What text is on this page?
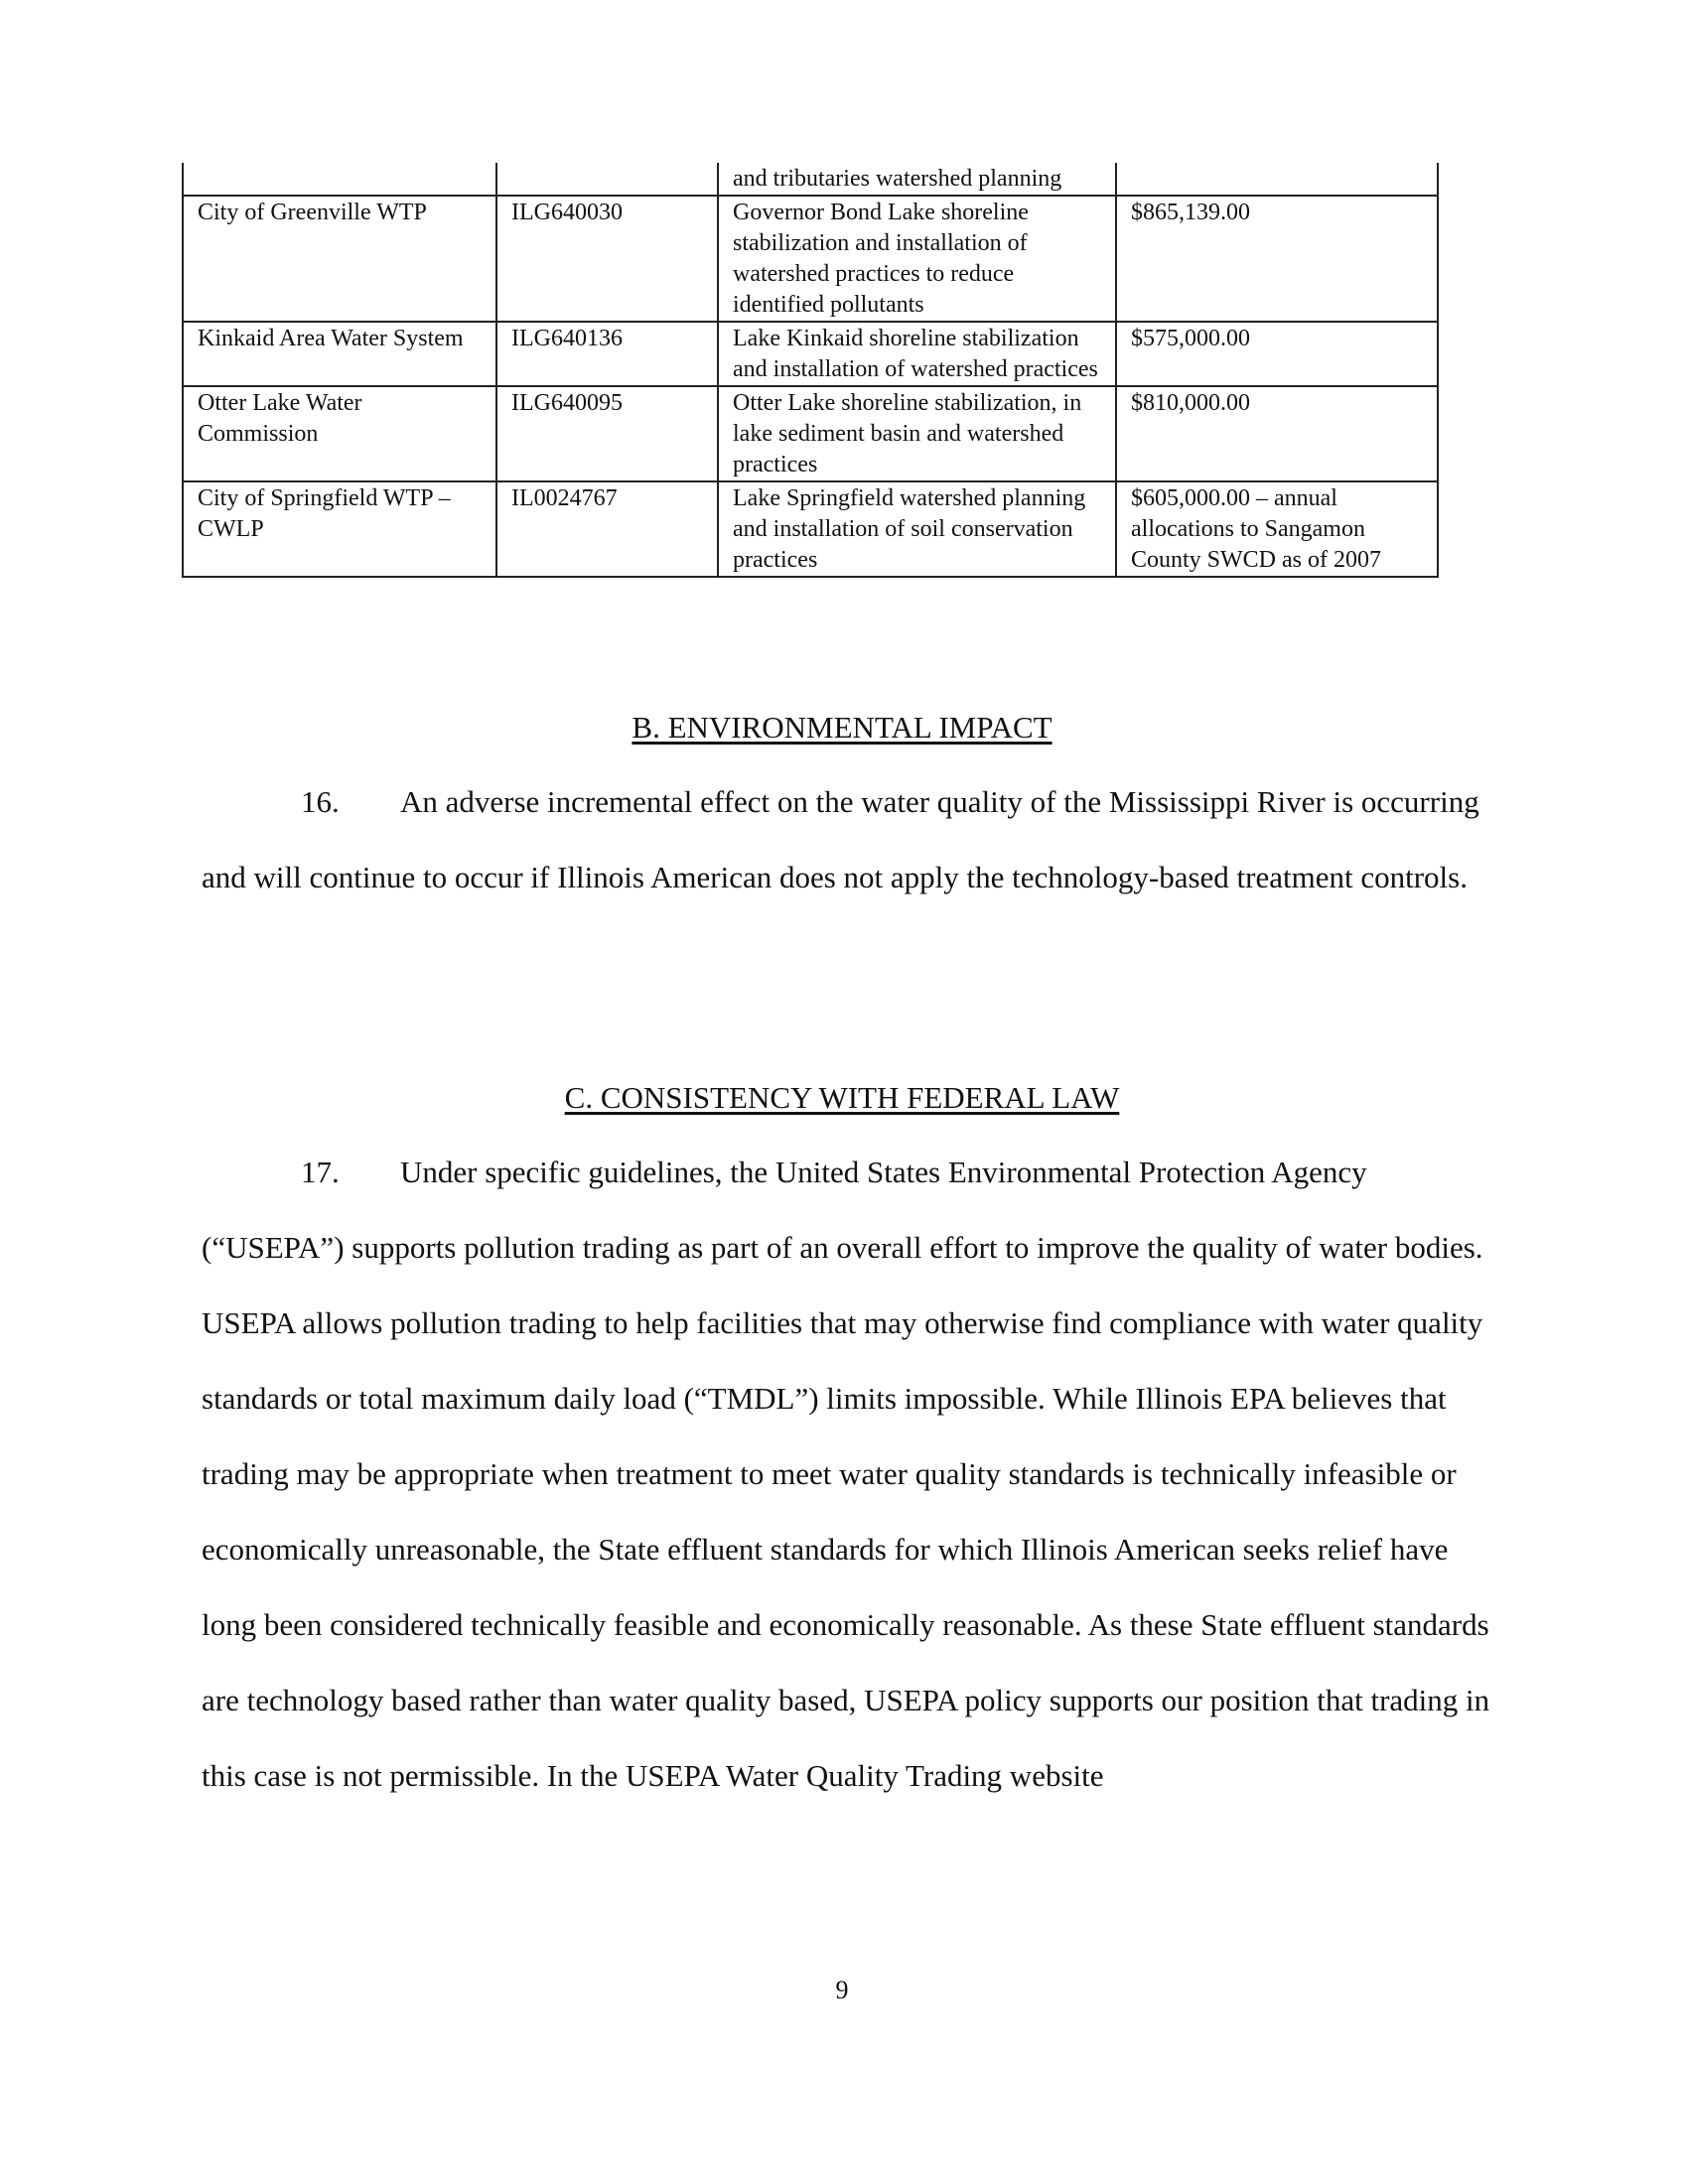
		and tributaries watershed planning	
City of Greenville WTP	ILG640030	Governor Bond Lake shoreline stabilization and installation of watershed practices to reduce identified pollutants	$865,139.00
Kinkaid Area Water System	ILG640136	Lake Kinkaid shoreline stabilization and installation of watershed practices	$575,000.00
Otter Lake Water Commission	ILG640095	Otter Lake shoreline stabilization, in lake sediment basin and watershed practices	$810,000.00
City of Springfield WTP – CWLP	IL0024767	Lake Springfield watershed planning and installation of soil conservation practices	$605,000.00 – annual allocations to Sangamon County SWCD as of 2007
B. ENVIRONMENTAL IMPACT

16. An adverse incremental effect on the water quality of the Mississippi River is occurring and will continue to occur if Illinois American does not apply the technology-based treatment controls.

C. CONSISTENCY WITH FEDERAL LAW

17. Under specific guidelines, the United States Environmental Protection Agency (“USEPA”) supports pollution trading as part of an overall effort to improve the quality of water bodies. USEPA allows pollution trading to help facilities that may otherwise find compliance with water quality standards or total maximum daily load (“TMDL”) limits impossible. While Illinois EPA believes that trading may be appropriate when treatment to meet water quality standards is technically infeasible or economically unreasonable, the State effluent standards for which Illinois American seeks relief have long been considered technically feasible and economically reasonable. As these State effluent standards are technology based rather than water quality based, USEPA policy supports our position that trading in this case is not permissible. In the USEPA Water Quality Trading website

9
